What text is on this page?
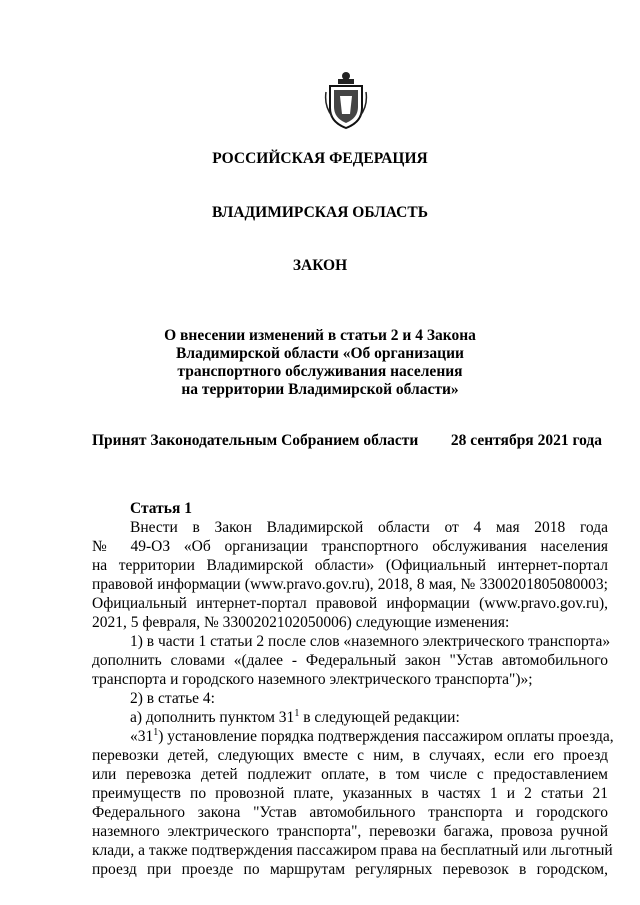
РОССИЙСКАЯ ФЕДЕРАЦИЯ
ВЛАДИМИРСКАЯ ОБЛАСТЬ
ЗАКОН
О внесении изменений в статьи 2 и 4 Закона
Владимирской области «Об организации
транспортного обслуживания населения
на территории Владимирской области»
Принят Законодательным Собранием области 28 сентября 2021 года
Статья 1
Внести в Закон Владимирской области от 4 мая 2018 года
№ 49-ОЗ «Об организации транспортного обслуживания населения
на территории Владимирской области» (Официальный интернет-портал
правовой информации (www.pravo.gov.ru), 2018, 8 мая, № 3300201805080003;
Официальный интернет-портал правовой информации (www.pravo.gov.ru),
2021, 5 февраля, № 3300202102050006) следующие изменения:
1) в части 1 статьи 2 после слов «наземного электрического транспорта»
дополнить словами «(далее - Федеральный закон "Устав автомобильного
транспорта и городского наземного электрического транспорта")»;
2) в статье 4:
а) дополнить пунктом $31^1$ в следующей редакции:
«$31^1$) установление порядка подтверждения пассажиром оплаты проезда,
перевозки детей, следующих вместе с ним, в случаях, если его проезд
или перевозка детей подлежит оплате, в том числе с предоставлением
преимуществ по провозной плате, указанных в частях 1 и 2 статьи 21
Федерального закона "Устав автомобильного транспорта и городского
наземного электрического транспорта", перевозки багажа, провоза ручной
клади, а также подтверждения пассажиром права на бесплатный или льготный
проезд при проезде по маршрутам регулярных перевозок в городском,
